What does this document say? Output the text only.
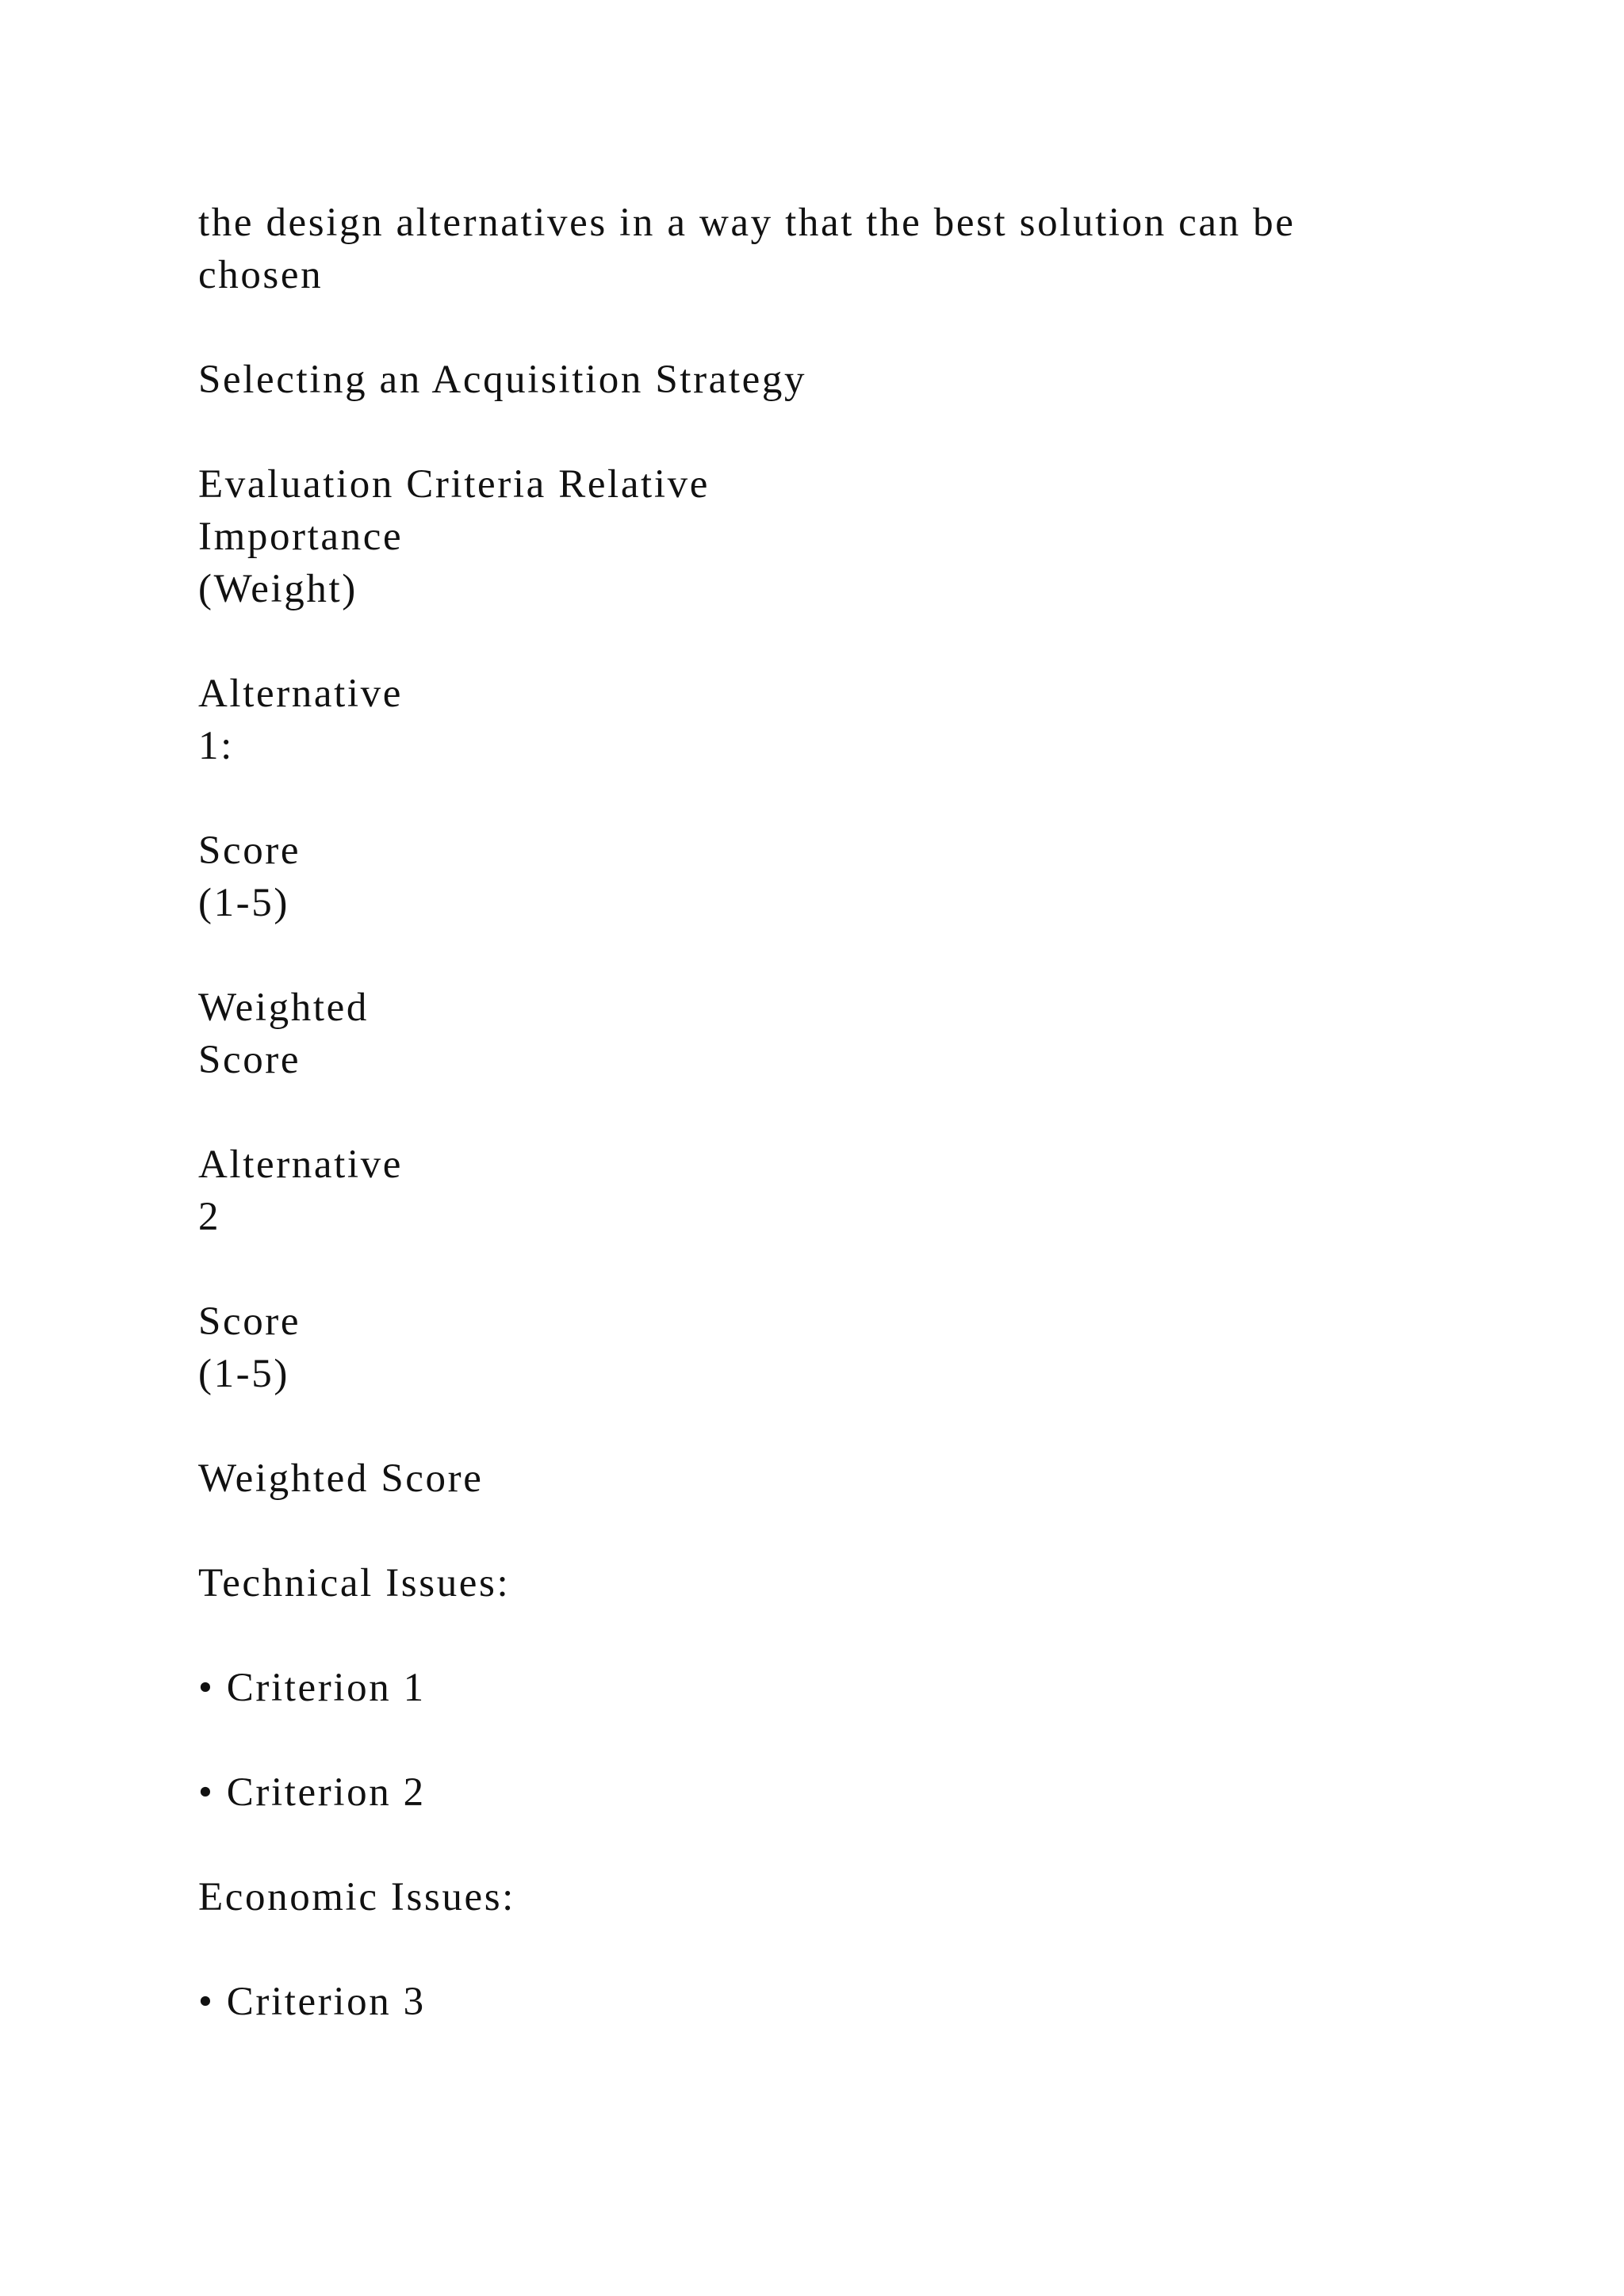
the design alternatives in a way that the best solution can be
chosen

Selecting an Acquisition Strategy

Evaluation Criteria Relative
Importance
(Weight)

Alternative
1:

Score
(1-5)

Weighted
Score

Alternative
2

Score
(1-5)

Weighted Score

Technical Issues:

• Criterion 1

• Criterion 2

Economic Issues:

• Criterion 3
